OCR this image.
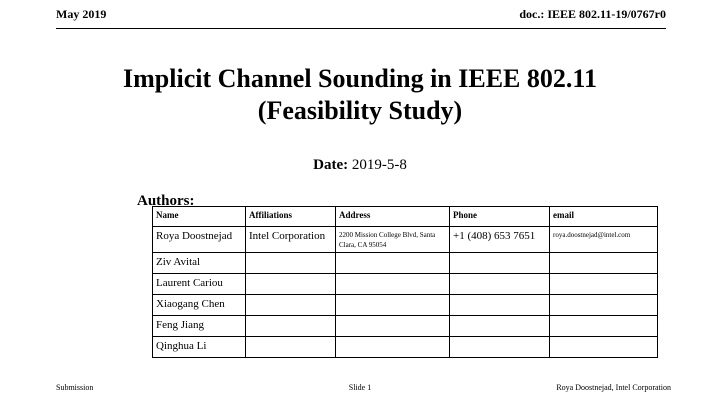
May 2019	doc.: IEEE 802.11-19/0767r0
Implicit Channel Sounding in IEEE 802.11
(Feasibility Study)
Date: 2019-5-8
Authors:
Name	Affiliations	Address	Phone	email
Roya Doostnejad	Intel Corporation	2200 Mission College Blvd, Santa Clara, CA 95054	+1 (408) 653 7651	roya.doostnejad@intel.com
Ziv Avital				
Laurent Cariou				
Xiaogang Chen				
Feng Jiang				
Qinghua Li				
Submission	Slide 1	Roya Doostnejad, Intel Corporation
